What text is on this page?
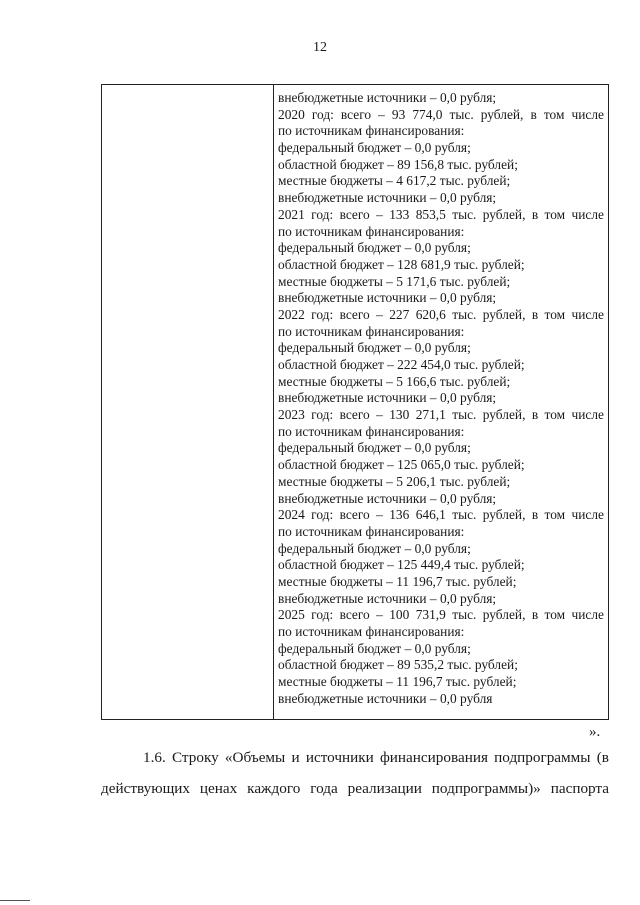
12
внебюджетные источники – 0,0 рубля;
2020 год: всего – 93 774,0 тыс. рублей, в том числе
по источникам финансирования:
федеральный бюджет – 0,0 рубля;
областной бюджет – 89 156,8 тыс. рублей;
местные бюджеты – 4 617,2 тыс. рублей;
внебюджетные источники – 0,0 рубля;
2021 год: всего – 133 853,5 тыс. рублей, в том числе
по источникам финансирования:
федеральный бюджет – 0,0 рубля;
областной бюджет – 128 681,9 тыс. рублей;
местные бюджеты – 5 171,6 тыс. рублей;
внебюджетные источники – 0,0 рубля;
2022 год: всего – 227 620,6 тыс. рублей, в том числе
по источникам финансирования:
федеральный бюджет – 0,0 рубля;
областной бюджет – 222 454,0 тыс. рублей;
местные бюджеты – 5 166,6 тыс. рублей;
внебюджетные источники – 0,0 рубля;
2023 год: всего – 130 271,1 тыс. рублей, в том числе
по источникам финансирования:
федеральный бюджет – 0,0 рубля;
областной бюджет – 125 065,0 тыс. рублей;
местные бюджеты – 5 206,1 тыс. рублей;
внебюджетные источники – 0,0 рубля;
2024 год: всего – 136 646,1 тыс. рублей, в том числе
по источникам финансирования:
федеральный бюджет – 0,0 рубля;
областной бюджет – 125 449,4 тыс. рублей;
местные бюджеты – 11 196,7 тыс. рублей;
внебюджетные источники – 0,0 рубля;
2025 год: всего – 100 731,9 тыс. рублей, в том числе
по источникам финансирования:
федеральный бюджет – 0,0 рубля;
областной бюджет – 89 535,2 тыс. рублей;
местные бюджеты – 11 196,7 тыс. рублей;
внебюджетные источники – 0,0 рубля
».
1.6. Строку «Объемы и источники финансирования подпрограммы (в
действующих ценах каждого года реализации подпрограммы)» паспорта
